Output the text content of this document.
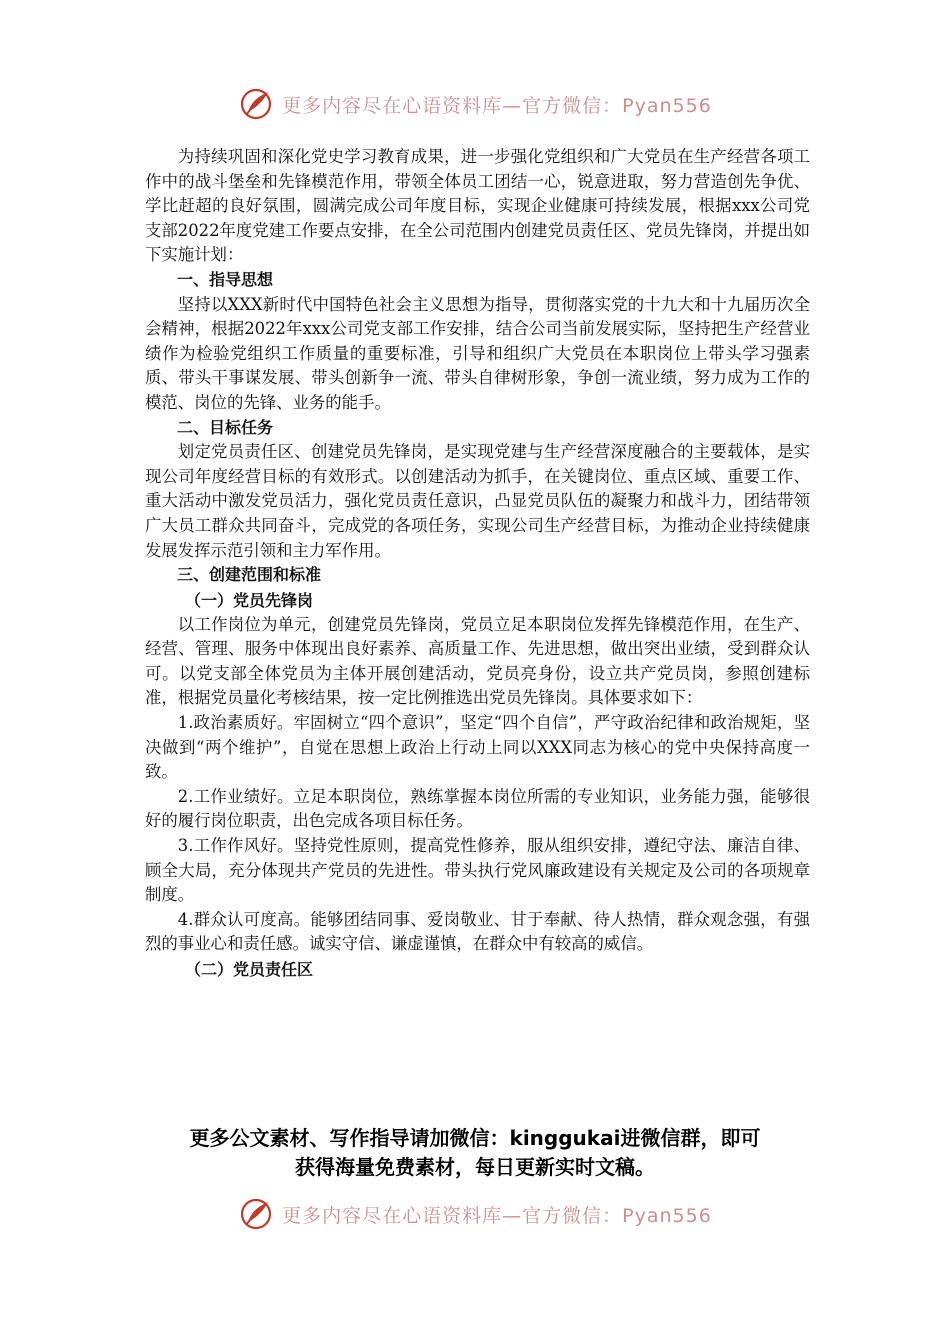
更多内容尽在心语资料库—官方微信：Pyan556

为持续巩固和深化党史学习教育成果，进一步强化党组织和广大党员在生产经营各项工作中的战斗堡垒和先锋模范作用，带领全体员工团结一心，锐意进取，努力营造创先争优、学比赶超的良好氛围，圆满完成公司年度目标，实现企业健康可持续发展，根据xxx公司党支部2022年度党建工作要点安排，在全公司范围内创建党员责任区、党员先锋岗，并提出如下实施计划：

一、指导思想

坚持以XXX新时代中国特色社会主义思想为指导，贯彻落实党的十九大和十九届历次全会精神，根据2022年xxx公司党支部工作安排，结合公司当前发展实际，坚持把生产经营业绩作为检验党组织工作质量的重要标准，引导和组织广大党员在本职岗位上带头学习强素质、带头干事谋发展、带头创新争一流、带头自律树形象，争创一流业绩，努力成为工作的模范、岗位的先锋、业务的能手。

二、目标任务

划定党员责任区、创建党员先锋岗，是实现党建与生产经营深度融合的主要载体，是实现公司年度经营目标的有效形式。以创建活动为抓手，在关键岗位、重点区域、重要工作、重大活动中激发党员活力，强化党员责任意识，凸显党员队伍的凝聚力和战斗力，团结带领广大员工群众共同奋斗，完成党的各项任务，实现公司生产经营目标，为推动企业持续健康发展发挥示范引领和主力军作用。

三、创建范围和标准

（一）党员先锋岗

以工作岗位为单元，创建党员先锋岗，党员立足本职岗位发挥先锋模范作用，在生产、经营、管理、服务中体现出良好素养、高质量工作、先进思想，做出突出业绩，受到群众认可。以党支部全体党员为主体开展创建活动，党员亮身份，设立共产党员岗，参照创建标准，根据党员量化考核结果，按一定比例推选出党员先锋岗。具体要求如下：

1.政治素质好。牢固树立“四个意识”，坚定“四个自信”，严守政治纪律和政治规矩，坚决做到“两个维护”，自觉在思想上政治上行动上同以XXX同志为核心的党中央保持高度一致。

2.工作业绩好。立足本职岗位，熟练掌握本岗位所需的专业知识，业务能力强，能够很好的履行岗位职责，出色完成各项目标任务。

3.工作作风好。坚持党性原则，提高党性修养，服从组织安排，遵纪守法、廉洁自律、顾全大局，充分体现共产党员的先进性。带头执行党风廉政建设有关规定及公司的各项规章制度。

4.群众认可度高。能够团结同事、爱岗敬业、甘于奉献、待人热情，群众观念强，有强烈的事业心和责任感。诚实守信、谦虚谨慎，在群众中有较高的威信。

（二）党员责任区

更多公文素材、写作指导请加微信：kinggukai进微信群，即可
获得海量免费素材，每日更新实时文稿。
更多内容尽在心语资料库—官方微信：Pyan556
